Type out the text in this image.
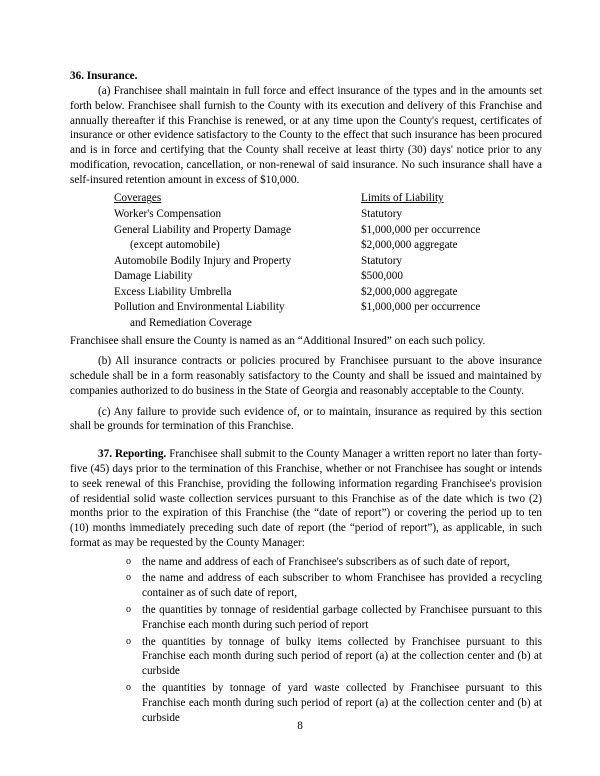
36. Insurance.

(a) Franchisee shall maintain in full force and effect insurance of the types and in the amounts set forth below. Franchisee shall furnish to the County with its execution and delivery of this Franchise and annually thereafter if this Franchise is renewed, or at any time upon the County's request, certificates of insurance or other evidence satisfactory to the County to the effect that such insurance has been procured and is in force and certifying that the County shall receive at least thirty (30) days' notice prior to any modification, revocation, cancellation, or non-renewal of said insurance. No such insurance shall have a self-insured retention amount in excess of $10,000.

Coverages	Limits of Liability
Worker's Compensation	Statutory
General Liability and Property Damage	$1,000,000 per occurrence
(except automobile)	$2,000,000 aggregate
Automobile Bodily Injury and Property	Statutory
Damage Liability	$500,000
Excess Liability Umbrella	$2,000,000 aggregate
Pollution and Environmental Liability	$1,000,000 per occurrence
and Remediation Coverage	

Franchisee shall ensure the County is named as an “Additional Insured” on each such policy.

(b) All insurance contracts or policies procured by Franchisee pursuant to the above insurance schedule shall be in a form reasonably satisfactory to the County and shall be issued and maintained by companies authorized to do business in the State of Georgia and reasonably acceptable to the County.

(c) Any failure to provide such evidence of, or to maintain, insurance as required by this section shall be grounds for termination of this Franchise.

37. Reporting. Franchisee shall submit to the County Manager a written report no later than forty-five (45) days prior to the termination of this Franchise, whether or not Franchisee has sought or intends to seek renewal of this Franchise, providing the following information regarding Franchisee's provision of residential solid waste collection services pursuant to this Franchise as of the date which is two (2) months prior to the expiration of this Franchise (the “date of report”) or covering the period up to ten (10) months immediately preceding such date of report (the “period of report”), as applicable, in such format as may be requested by the County Manager:

o the name and address of each of Franchisee's subscribers as of such date of report,
o the name and address of each subscriber to whom Franchisee has provided a recycling container as of such date of report,
o the quantities by tonnage of residential garbage collected by Franchisee pursuant to this Franchise each month during such period of report
o the quantities by tonnage of bulky items collected by Franchisee pursuant to this Franchise each month during such period of report (a) at the collection center and (b) at curbside
o the quantities by tonnage of yard waste collected by Franchisee pursuant to this Franchise each month during such period of report (a) at the collection center and (b) at curbside
8
